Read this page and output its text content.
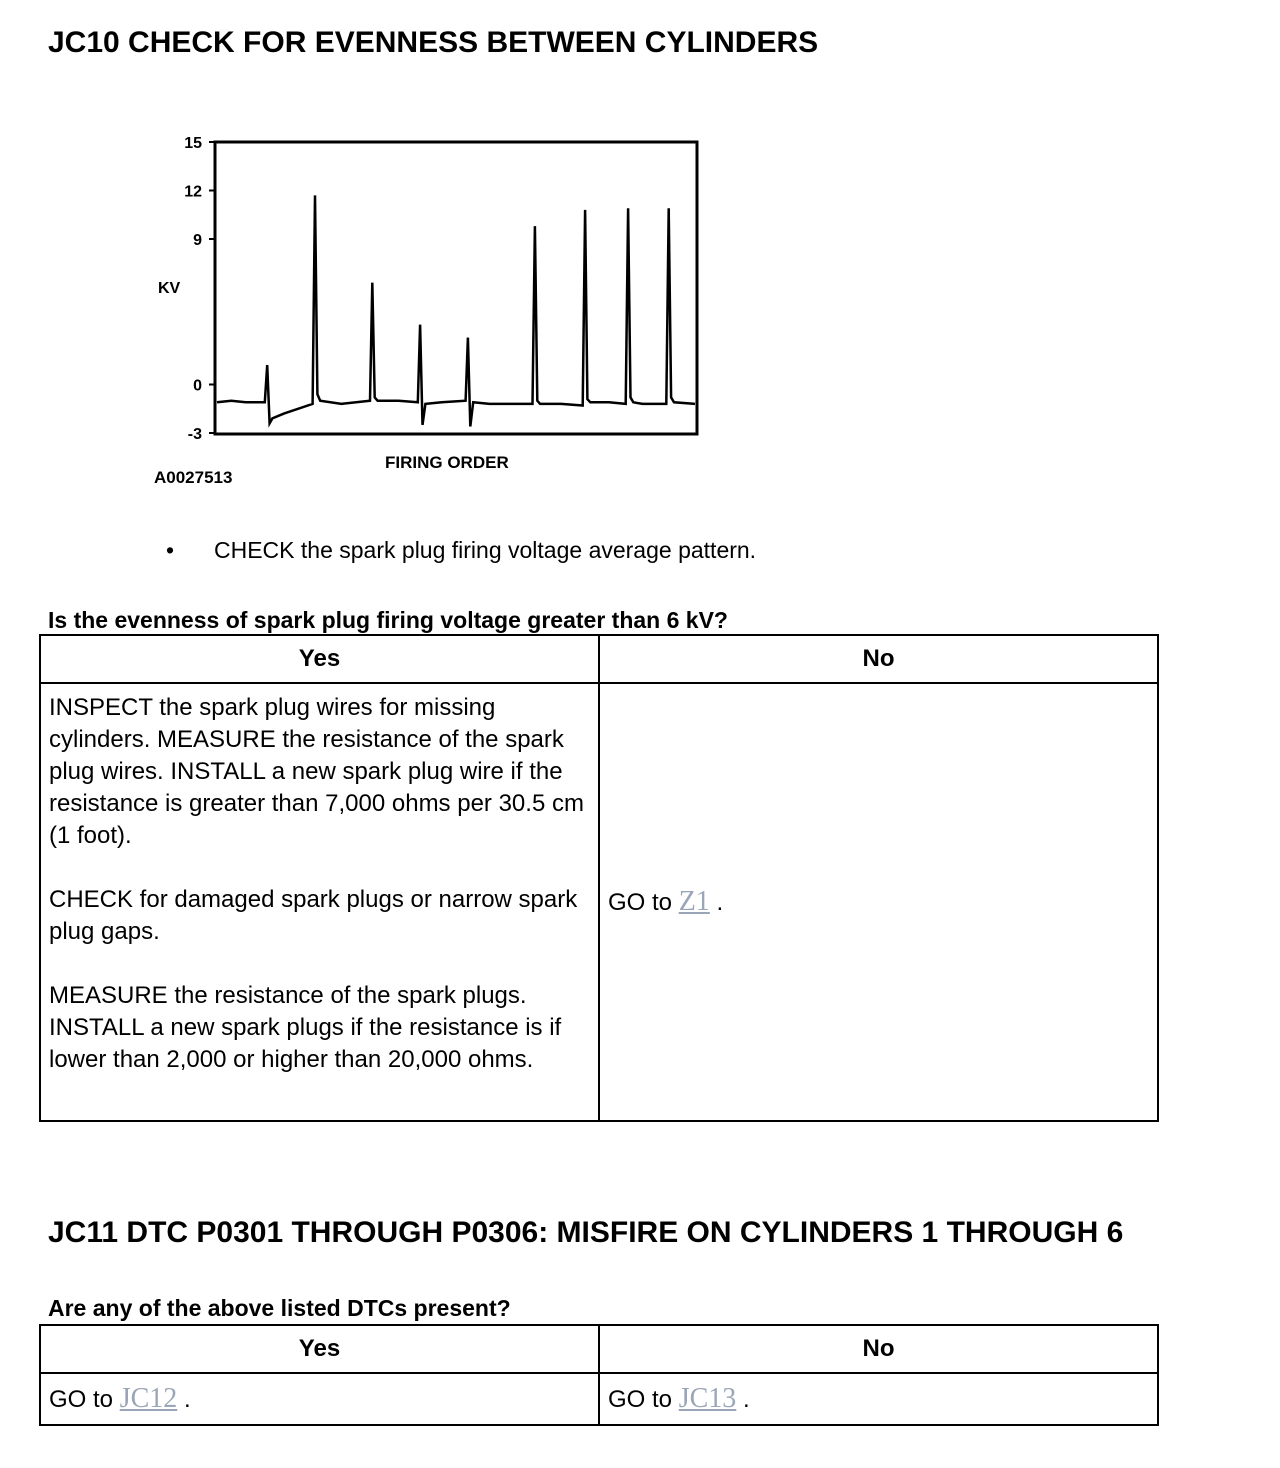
JC10 CHECK FOR EVENNESS BETWEEN CYLINDERS
15
12
9
0
-3
KV
FIRING ORDER
A0027513
• CHECK the spark plug firing voltage average pattern.

Is the evenness of spark plug firing voltage greater than 6 kV?

Yes	No

INSPECT the spark plug wires for missing cylinders. MEASURE the resistance of the spark plug wires. INSTALL a new spark plug wire if the resistance is greater than 7,000 ohms per 30.5 cm (1 foot).

CHECK for damaged spark plugs or narrow spark plug gaps.

MEASURE the resistance of the spark plugs. INSTALL a new spark plugs if the resistance is if lower than 2,000 or higher than 20,000 ohms.	GO to Z1 .
JC11 DTC P0301 THROUGH P0306: MISFIRE ON CYLINDERS 1 THROUGH 6

Are any of the above listed DTCs present?

Yes	No
GO to JC12 .	GO to JC13 .
